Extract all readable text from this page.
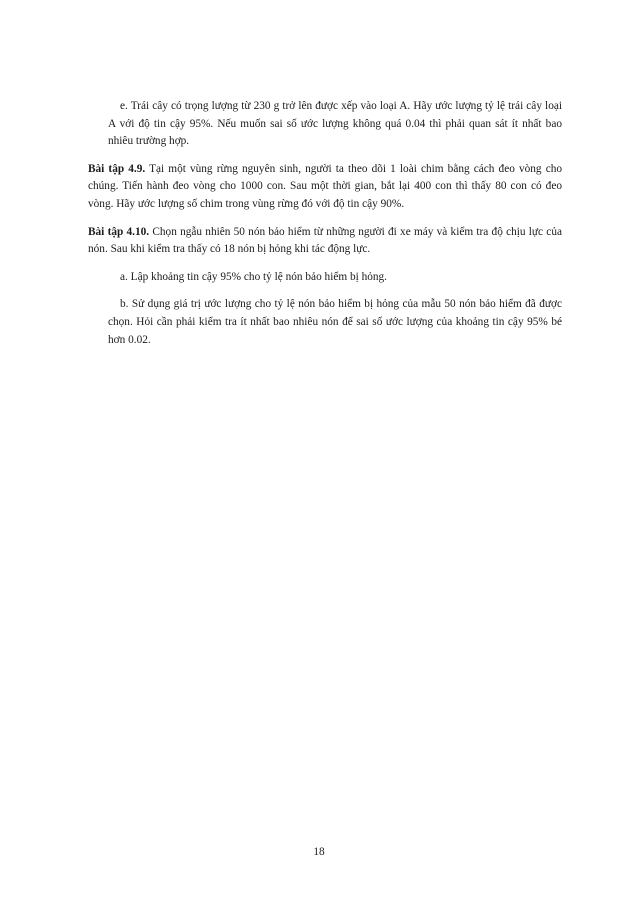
e. Trái cây có trọng lượng từ 230 g trở lên được xếp vào loại A. Hãy ước lượng tỷ lệ trái cây loại A với độ tin cậy 95%. Nếu muốn sai số ước lượng không quá 0.04 thì phải quan sát ít nhất bao nhiêu trường hợp.

Bài tập 4.9. Tại một vùng rừng nguyên sinh, người ta theo dõi 1 loài chim bằng cách đeo vòng cho chúng. Tiến hành đeo vòng cho 1000 con. Sau một thời gian, bắt lại 400 con thì thấy 80 con có đeo vòng. Hãy ước lượng số chim trong vùng rừng đó với độ tin cậy 90%.

Bài tập 4.10. Chọn ngẫu nhiên 50 nón bảo hiểm từ những người đi xe máy và kiểm tra độ chịu lực của nón. Sau khi kiểm tra thấy có 18 nón bị hỏng khi tác động lực.

a. Lập khoảng tin cậy 95% cho tỷ lệ nón bảo hiểm bị hỏng.

b. Sử dụng giá trị ước lượng cho tỷ lệ nón bảo hiểm bị hỏng của mẫu 50 nón bảo hiểm đã được chọn. Hỏi cần phải kiểm tra ít nhất bao nhiêu nón để sai số ước lượng của khoảng tin cậy 95% bé hơn 0.02.

18
